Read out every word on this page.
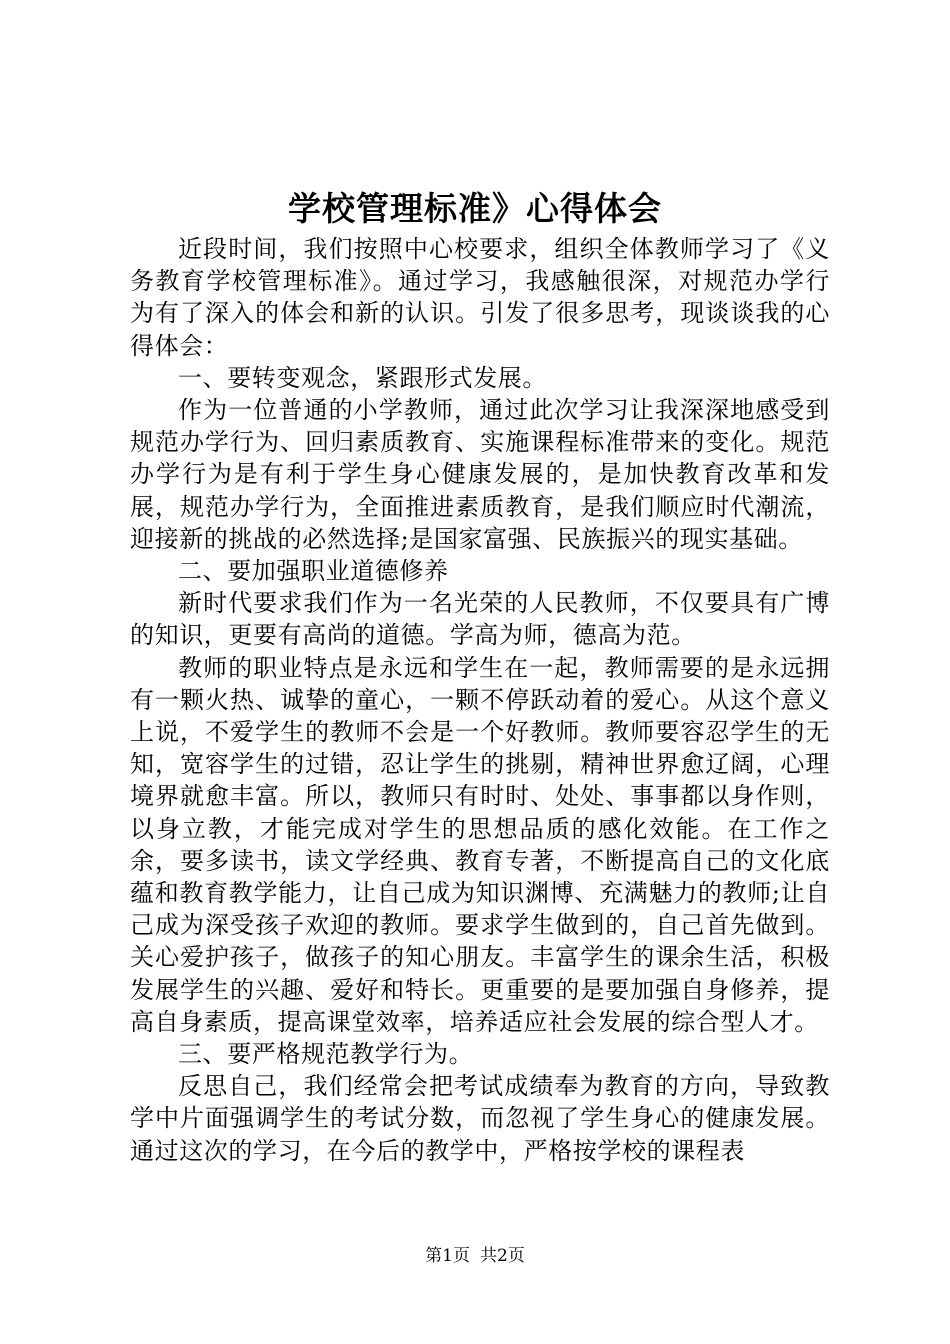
学校管理标准》心得体会

近段时间，我们按照中心校要求，组织全体教师学习了《义务教育学校管理标准》。通过学习，我感触很深，对规范办学行为有了深入的体会和新的认识。引发了很多思考，现谈谈我的心得体会：

一、要转变观念，紧跟形式发展。

作为一位普通的小学教师，通过此次学习让我深深地感受到规范办学行为、回归素质教育、实施课程标准带来的变化。规范办学行为是有利于学生身心健康发展的，是加快教育改革和发展，规范办学行为，全面推进素质教育，是我们顺应时代潮流，迎接新的挑战的必然选择;是国家富强、民族振兴的现实基础。

二、要加强职业道德修养

新时代要求我们作为一名光荣的人民教师，不仅要具有广博的知识，更要有高尚的道德。学高为师，德高为范。

教师的职业特点是永远和学生在一起，教师需要的是永远拥有一颗火热、诚挚的童心，一颗不停跃动着的爱心。从这个意义上说，不爱学生的教师不会是一个好教师。教师要容忍学生的无知，宽容学生的过错，忍让学生的挑剔，精神世界愈辽阔，心理境界就愈丰富。所以，教师只有时时、处处、事事都以身作则，以身立教，才能完成对学生的思想品质的感化效能。在工作之余，要多读书，读文学经典、教育专著，不断提高自己的文化底蕴和教育教学能力，让自己成为知识渊博、充满魅力的教师;让自己成为深受孩子欢迎的教师。要求学生做到的，自己首先做到。关心爱护孩子，做孩子的知心朋友。丰富学生的课余生活，积极发展学生的兴趣、爱好和特长。更重要的是要加强自身修养，提高自身素质，提高课堂效率，培养适应社会发展的综合型人才。

三、要严格规范教学行为。

反思自己，我们经常会把考试成绩奉为教育的方向，导致教学中片面强调学生的考试分数，而忽视了学生身心的健康发展。通过这次的学习，在今后的教学中，严格按学校的课程表

第1页 共2页
